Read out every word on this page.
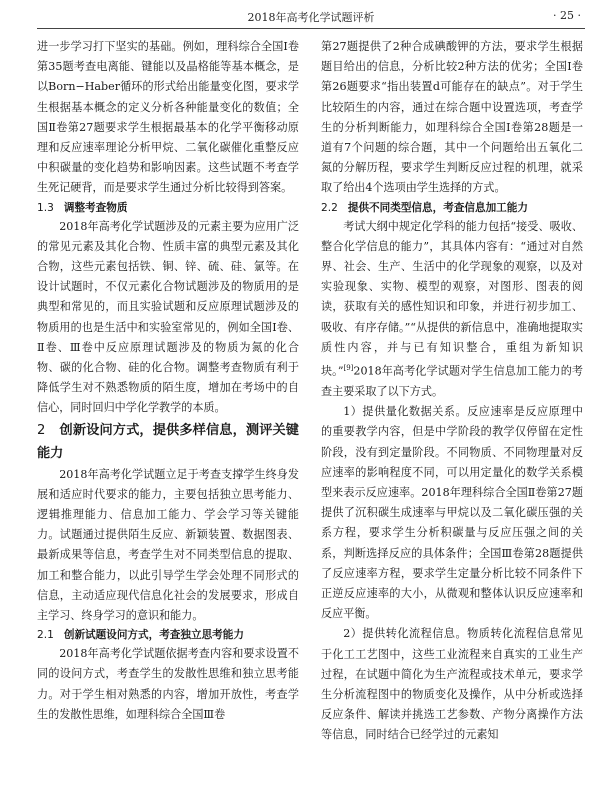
2018年高考化学试题评析	· 25 ·

进一步学习打下坚实的基础。例如，理科综合全国Ⅰ卷第35题考查电离能、键能以及晶格能等基本概念，是以Born−Haber循环的形式给出能量变化图，要求学生根据基本概念的定义分析各种能量变化的数值；全国Ⅱ卷第27题要求学生根据最基本的化学平衡移动原理和反应速率理论分析甲烷、二氧化碳催化重整反应中积碳量的变化趋势和影响因素。这些试题不考查学生死记硬背，而是要求学生通过分析比较得到答案。

1.3 调整考查物质

2018年高考化学试题涉及的元素主要为应用广泛的常见元素及其化合物、性质丰富的典型元素及其化合物，这些元素包括铁、铜、锌、硫、硅、氯等。在设计试题时，不仅元素化合物试题涉及的物质用的是典型和常见的，而且实验试题和反应原理试题涉及的物质用的也是生活中和实验室常见的，例如全国Ⅰ卷、Ⅱ卷、Ⅲ卷中反应原理试题涉及的物质为氮的化合物、碳的化合物、硅的化合物。调整考查物质有利于降低学生对不熟悉物质的陌生度，增加在考场中的自信心，同时回归中学化学教学的本质。

2 创新设问方式，提供多样信息，测评关键能力

2018年高考化学试题立足于考查支撑学生终身发展和适应时代要求的能力，主要包括独立思考能力、逻辑推理能力、信息加工能力、学会学习等关键能力。试题通过提供陌生反应、新颖装置、数据图表、最新成果等信息，考查学生对不同类型信息的提取、加工和整合能力，以此引导学生学会处理不同形式的信息，主动适应现代信息化社会的发展要求，形成自主学习、终身学习的意识和能力。

2.1 创新试题设问方式，考查独立思考能力

2018年高考化学试题依据考查内容和要求设置不同的设问方式，考查学生的发散性思维和独立思考能力。对于学生相对熟悉的内容，增加开放性，考查学生的发散性思维，如理科综合全国Ⅲ卷

第27题提供了2种合成碘酸钾的方法，要求学生根据题目给出的信息，分析比较2种方法的优劣；全国Ⅰ卷第26题要求“指出装置d可能存在的缺点”。对于学生比较陌生的内容，通过在综合题中设置选项，考查学生的分析判断能力，如理科综合全国Ⅰ卷第28题是一道有7个问题的综合题，其中一个问题给出五氧化二氮的分解历程，要求学生判断反应过程的机理，就采取了给出4个选项由学生选择的方式。

2.2 提供不同类型信息，考查信息加工能力

考试大纲中规定化学科的能力包括“接受、吸收、整合化学信息的能力”，其具体内容有：“通过对自然界、社会、生产、生活中的化学现象的观察，以及对实验现象、实物、模型的观察，对图形、图表的阅读，获取有关的感性知识和印象，并进行初步加工、吸收、有序存储。”“从提供的新信息中，准确地提取实质性内容，并与已有知识整合，重组为新知识块。”[9]2018年高考化学试题对学生信息加工能力的考查主要采取了以下方式。

1）提供量化数据关系。反应速率是反应原理中的重要教学内容，但是中学阶段的教学仅停留在定性阶段，没有到定量阶段。不同物质、不同物理量对反应速率的影响程度不同，可以用定量化的数学关系模型来表示反应速率。2018年理科综合全国Ⅱ卷第27题提供了沉积碳生成速率与甲烷以及二氧化碳压强的关系方程，要求学生分析积碳量与反应压强之间的关系，判断选择反应的具体条件；全国Ⅲ卷第28题提供了反应速率方程，要求学生定量分析比较不同条件下正逆反应速率的大小，从微观和整体认识反应速率和反应平衡。

2）提供转化流程信息。物质转化流程信息常见于化工工艺图中，这些工业流程来自真实的工业生产过程，在试题中简化为生产流程或技术单元，要求学生分析流程图中的物质变化及操作，从中分析或选择反应条件、解读并挑选工艺参数、产物分离操作方法等信息，同时结合已经学过的元素知
